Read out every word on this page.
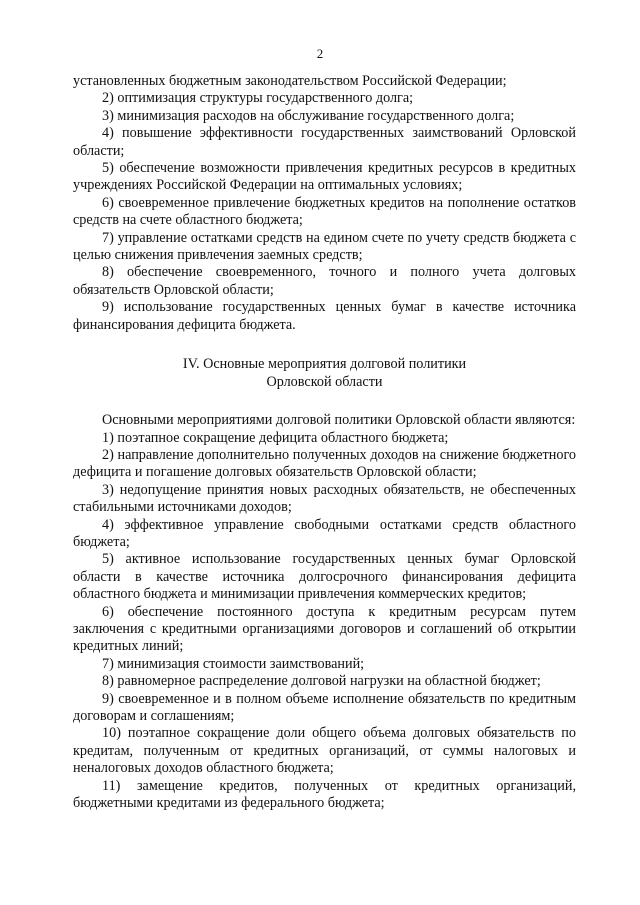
2

установленных бюджетным законодательством Российской Федерации;

2) оптимизация структуры государственного долга;

3) минимизация расходов на обслуживание государственного долга;

4) повышение эффективности государственных заимствований Орловской области;

5) обеспечение возможности привлечения кредитных ресурсов в кредитных учреждениях Российской Федерации на оптимальных условиях;

6) своевременное привлечение бюджетных кредитов на пополнение остатков средств на счете областного бюджета;

7) управление остатками средств на едином счете по учету средств бюджета с целью снижения привлечения заемных средств;

8) обеспечение своевременного, точного и полного учета долговых обязательств Орловской области;

9) использование государственных ценных бумаг в качестве источника финансирования дефицита бюджета.

IV. Основные мероприятия долговой политики
Орловской области

Основными мероприятиями долговой политики Орловской области являются:

1) поэтапное сокращение дефицита областного бюджета;

2) направление дополнительно полученных доходов на снижение бюджетного дефицита и погашение долговых обязательств Орловской области;

3) недопущение принятия новых расходных обязательств, не обеспеченных стабильными источниками доходов;

4) эффективное управление свободными остатками средств областного бюджета;

5) активное использование государственных ценных бумаг Орловской области в качестве источника долгосрочного финансирования дефицита областного бюджета и минимизации привлечения коммерческих кредитов;

6) обеспечение постоянного доступа к кредитным ресурсам путем заключения с кредитными организациями договоров и соглашений об открытии кредитных линий;

7) минимизация стоимости заимствований;

8) равномерное распределение долговой нагрузки на областной бюджет;

9) своевременное и в полном объеме исполнение обязательств по кредитным договорам и соглашениям;

10) поэтапное сокращение доли общего объема долговых обязательств по кредитам, полученным от кредитных организаций, от суммы налоговых и неналоговых доходов областного бюджета;

11) замещение кредитов, полученных от кредитных организаций, бюджетными кредитами из федерального бюджета;
